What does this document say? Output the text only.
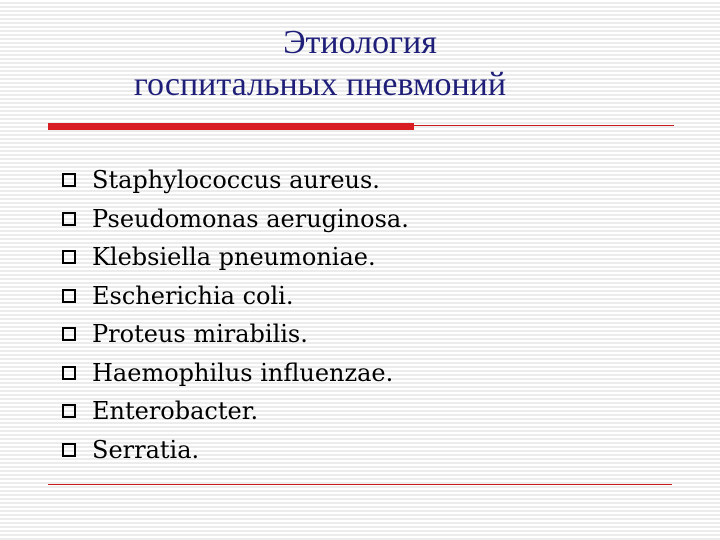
Этиология
госпитальных пневмоний
Staphylococcus aureus.
Pseudomonas aeruginosa.
Klebsiella pneumoniae.
Escherichia coli.
Proteus mirabilis.
Haemophilus influenzae.
Enterobacter.
Serratia.
